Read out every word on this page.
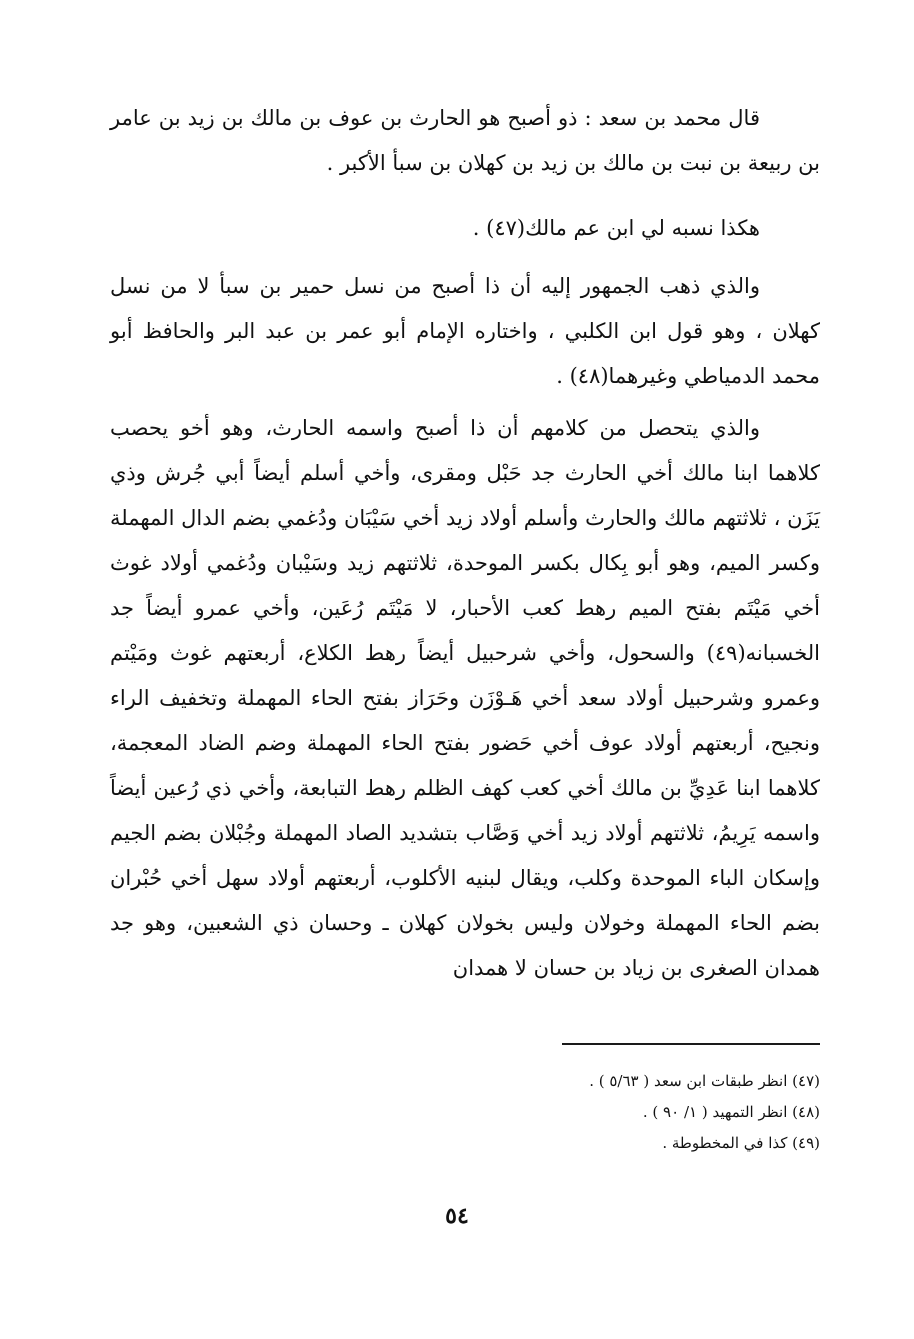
قال محمد بن سعد : ذو أصبح هو الحارث بن عوف بن مالك بن زيد بن عامر بن ربيعة بن نبت بن مالك بن زيد بن كهلان بن سبأ الأكبر .

هكذا نسبه لي ابن عم مالك(٤٧) .

والذي ذهب الجمهور إليه أن ذا أصبح من نسل حمير بن سبأ لا من نسل كهلان ، وهو قول ابن الكلبي ، واختاره الإمام أبو عمر بن عبد البر والحافظ أبو محمد الدمياطي وغيرهما(٤٨) .

والذي يتحصل من كلامهم أن ذا أصبح واسمه الحارث، وهو أخو يحصب كلاهما ابنا مالك أخي الحارث جد حَبْل ومقرى، وأخي أسلم أيضاً أبي جُرش وذي يَزَن ، ثلاثتهم مالك والحارث وأسلم أولاد زيد أخي سَيْبَان ودُغمي بضم الدال المهملة وكسر الميم، وهو أبو بِكال بكسر الموحدة، ثلاثتهم زيد وسَيْبان ودُغمي أولاد غوث أخي مَيْتَم بفتح الميم رهط كعب الأحبار، لا مَيْتَم رُعَين، وأخي عمرو أيضاً جد الخسبانه(٤٩) والسحول، وأخي شرحبيل أيضاً رهط الكلاع، أربعتهم غوث ومَيْتم وعمرو وشرحبيل أولاد سعد أخي هَـوْزَن وحَرَاز بفتح الحاء المهملة وتخفيف الراء ونجيح، أربعتهم أولاد عوف أخي حَضور بفتح الحاء المهملة وضم الضاد المعجمة، كلاهما ابنا عَدِيِّ بن مالك أخي كعب كهف الظلم رهط التبابعة، وأخي ذي رُعين أيضاً واسمه يَرِيمُ، ثلاثتهم أولاد زيد أخي وَصَّاب بتشديد الصاد المهملة وجُبْلان بضم الجيم وإسكان الباء الموحدة وكلب، ويقال لبنيه الأكلوب، أربعتهم أولاد سهل أخي حُبْران بضم الحاء المهملة وخولان وليس بخولان كهلان ـ وحسان ذي الشعبين، وهو جد همدان الصغرى بن زياد بن حسان لا همدان

(٤٧) انظر طبقات ابن سعد ( ٥/٦٣ ) .

(٤٨) انظر التمهيد ( ١/ ٩٠ ) .

(٤٩) كذا في المخطوطة .

٥٤
